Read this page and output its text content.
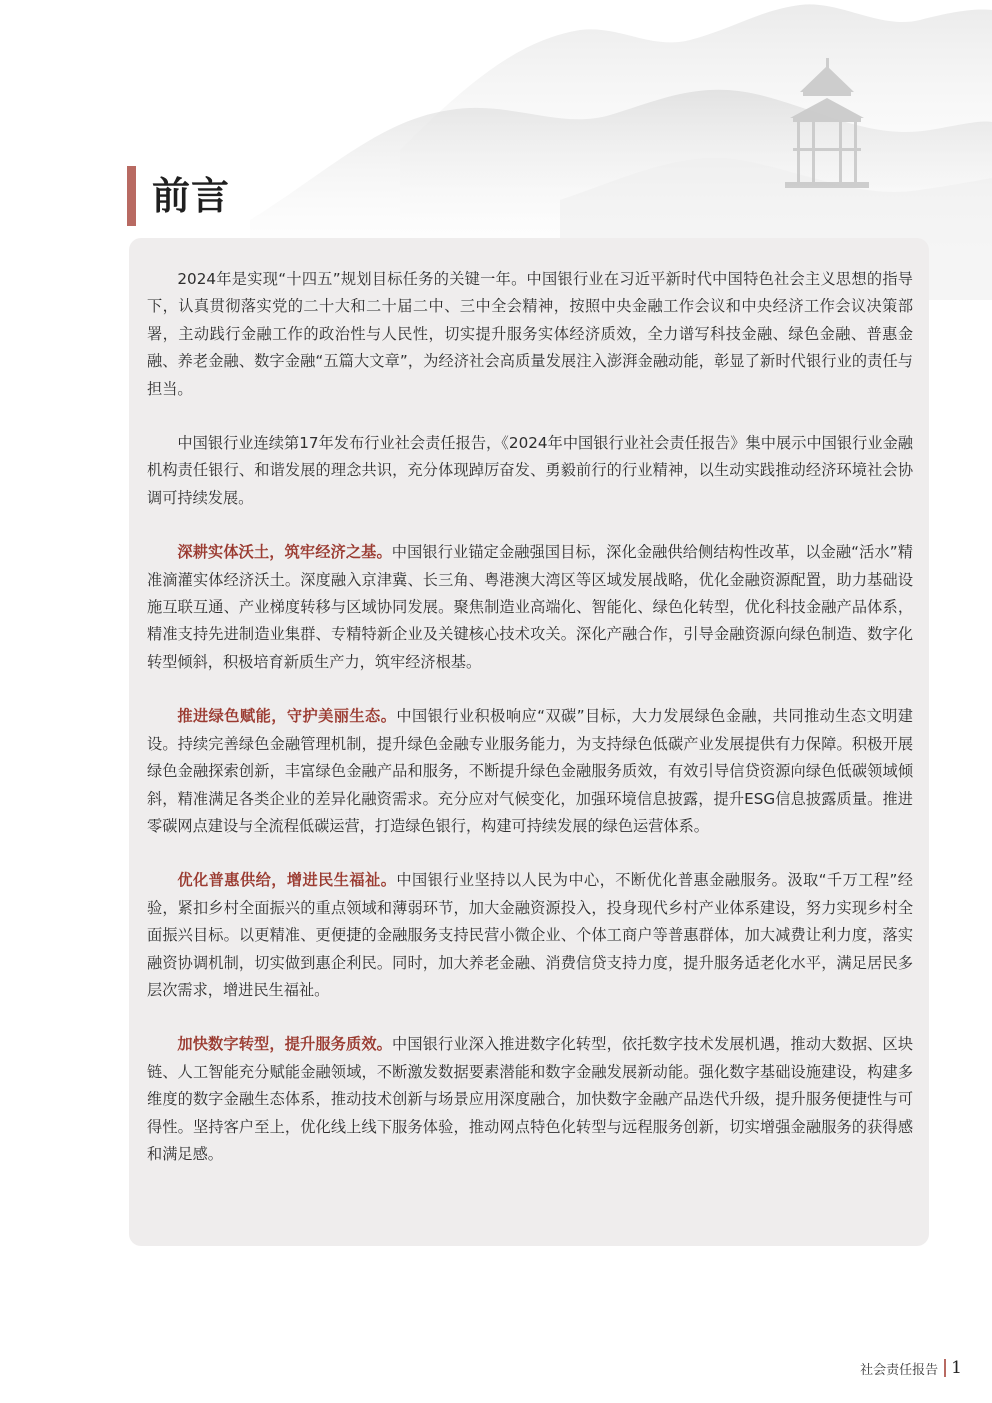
前言

2024年是实现“十四五”规划目标任务的关键一年。中国银行业在习近平新时代中国特色社会主义思想的指导下，认真贯彻落实党的二十大和二十届二中、三中全会精神，按照中央金融工作会议和中央经济工作会议决策部署，主动践行金融工作的政治性与人民性，切实提升服务实体经济质效，全力谱写科技金融、绿色金融、普惠金融、养老金融、数字金融“五篇大文章”，为经济社会高质量发展注入澎湃金融动能，彰显了新时代银行业的责任与担当。

中国银行业连续第17年发布行业社会责任报告，《2024年中国银行业社会责任报告》集中展示中国银行业金融机构责任银行、和谐发展的理念共识，充分体现踔厉奋发、勇毅前行的行业精神，以生动实践推动经济环境社会协调可持续发展。

深耕实体沃土，筑牢经济之基。中国银行业锚定金融强国目标，深化金融供给侧结构性改革，以金融“活水”精准滴灌实体经济沃土。深度融入京津冀、长三角、粤港澳大湾区等区域发展战略，优化金融资源配置，助力基础设施互联互通、产业梯度转移与区域协同发展。聚焦制造业高端化、智能化、绿色化转型，优化科技金融产品体系，精准支持先进制造业集群、专精特新企业及关键核心技术攻关。深化产融合作，引导金融资源向绿色制造、数字化转型倾斜，积极培育新质生产力，筑牢经济根基。

推进绿色赋能，守护美丽生态。中国银行业积极响应“双碳”目标，大力发展绿色金融，共同推动生态文明建设。持续完善绿色金融管理机制，提升绿色金融专业服务能力，为支持绿色低碳产业发展提供有力保障。积极开展绿色金融探索创新，丰富绿色金融产品和服务，不断提升绿色金融服务质效，有效引导信贷资源向绿色低碳领域倾斜，精准满足各类企业的差异化融资需求。充分应对气候变化，加强环境信息披露，提升ESG信息披露质量。推进零碳网点建设与全流程低碳运营，打造绿色银行，构建可持续发展的绿色运营体系。

优化普惠供给，增进民生福祉。中国银行业坚持以人民为中心，不断优化普惠金融服务。汲取“千万工程”经验，紧扣乡村全面振兴的重点领域和薄弱环节，加大金融资源投入，投身现代乡村产业体系建设，努力实现乡村全面振兴目标。以更精准、更便捷的金融服务支持民营小微企业、个体工商户等普惠群体，加大减费让利力度，落实融资协调机制，切实做到惠企利民。同时，加大养老金融、消费信贷支持力度，提升服务适老化水平，满足居民多层次需求，增进民生福祉。

加快数字转型，提升服务质效。中国银行业深入推进数字化转型，依托数字技术发展机遇，推动大数据、区块链、人工智能充分赋能金融领域，不断激发数据要素潜能和数字金融发展新动能。强化数字基础设施建设，构建多维度的数字金融生态体系，推动技术创新与场景应用深度融合，加快数字金融产品迭代升级，提升服务便捷性与可得性。坚持客户至上，优化线上线下服务体验，推动网点特色化转型与远程服务创新，切实增强金融服务的获得感和满足感。

社会责任报告 1
